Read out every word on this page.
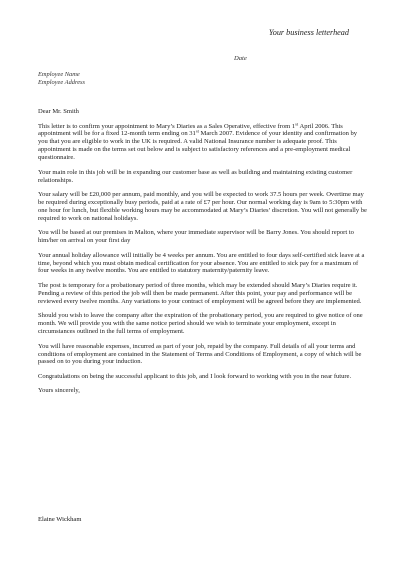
Your business letterhead
Date
Employee Name
Employee Address

Dear Mr. Smith

This letter is to confirm your appointment to Mary’s Diaries as a Sales Operative, effective from 1st April 2006. This appointment will be for a fixed 12-month term ending on 31st March 2007. Evidence of your identity and confirmation by you that you are eligible to work in the UK is required. A valid National Insurance number is adequate proof. This appointment is made on the terms set out below and is subject to satisfactory references and a pre-employment medical questionnaire.

Your main role in this job will be in expanding our customer base as well as building and maintaining existing customer relationships.

Your salary will be £20,000 per annum, paid monthly, and you will be expected to work 37.5 hours per week. Overtime may be required during exceptionally busy periods, paid at a rate of £7 per hour. Our normal working day is 9am to 5:30pm with one hour for lunch, but flexible working hours may be accommodated at Mary’s Diaries’ discretion. You will not generally be required to work on national holidays.

You will be based at our premises in Malton, where your immediate supervisor will be Barry Jones. You should report to him/her on arrival on your first day

Your annual holiday allowance will initially be 4 weeks per annum. You are entitled to four days self-certified sick leave at a time, beyond which you must obtain medical certification for your absence. You are entitled to sick pay for a maximum of four weeks in any twelve months. You are entitled to statutory maternity/paternity leave.

The post is temporary for a probationary period of three months, which may be extended should Mary’s Diaries require it. Pending a review of this period the job will then be made permanent. After this point, your pay and performance will be reviewed every twelve months. Any variations to your contract of employment will be agreed before they are implemented.

Should you wish to leave the company after the expiration of the probationary period, you are required to give notice of one month. We will provide you with the same notice period should we wish to terminate your employment, except in circumstances outlined in the full terms of employment.

You will have reasonable expenses, incurred as part of your job, repaid by the company. Full details of all your terms and conditions of employment are contained in the Statement of Terms and Conditions of Employment, a copy of which will be passed on to you during your induction.

Congratulations on being the successful applicant to this job, and I look forward to working with you in the near future.

Yours sincerely,

Elaine Wickham
